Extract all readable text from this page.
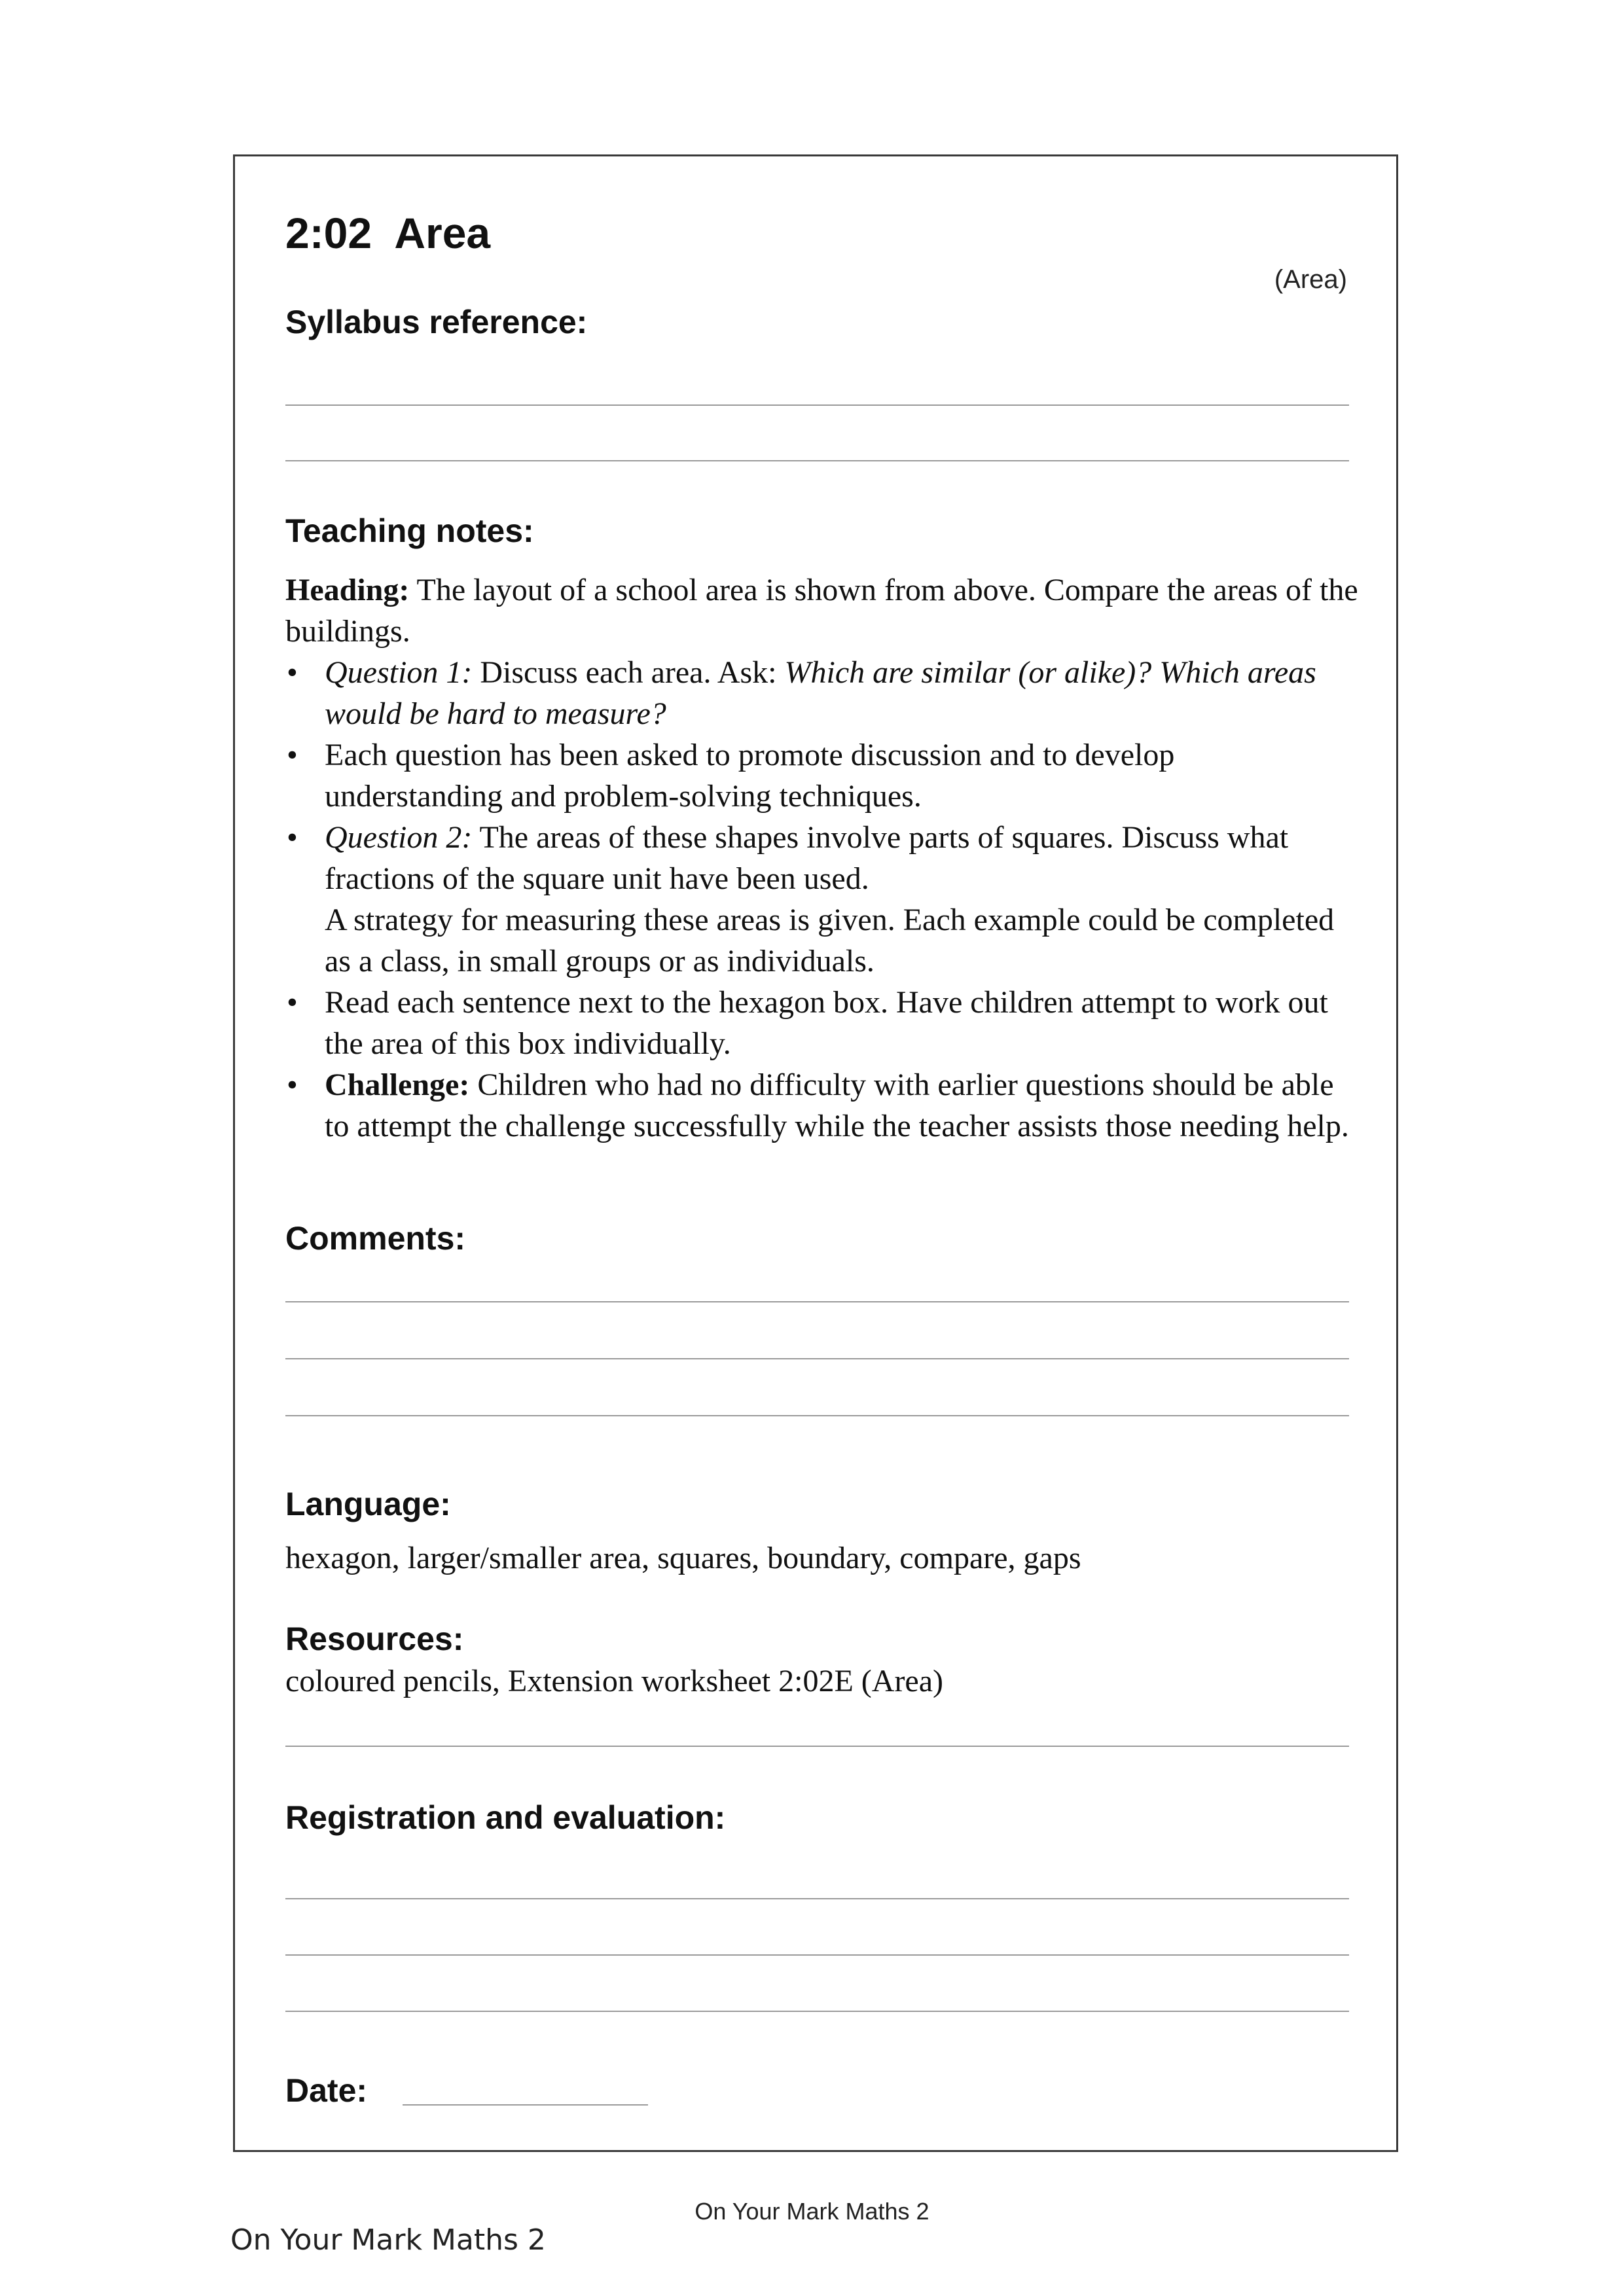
2:02 Area
(Area)
Syllabus reference:
Teaching notes:

Heading: The layout of a school area is shown from above. Compare the areas of the buildings.

• Question 1: Discuss each area. Ask: Which are similar (or alike)? Which areas would be hard to measure?
• Each question has been asked to promote discussion and to develop understanding and problem-solving techniques.
• Question 2: The areas of these shapes involve parts of squares. Discuss what fractions of the square unit have been used.
A strategy for measuring these areas is given. Each example could be completed as a class, in small groups or as individuals.
• Read each sentence next to the hexagon box. Have children attempt to work out the area of this box individually.
• Challenge: Children who had no difficulty with earlier questions should be able to attempt the challenge successfully while the teacher assists those needing help.
Comments:
Language:
hexagon, larger/smaller area, squares, boundary, compare, gaps
Resources:
coloured pencils, Extension worksheet 2:02E (Area)
Registration and evaluation:
Date:
On Your Mark Maths 2
On Your Mark Maths 2
